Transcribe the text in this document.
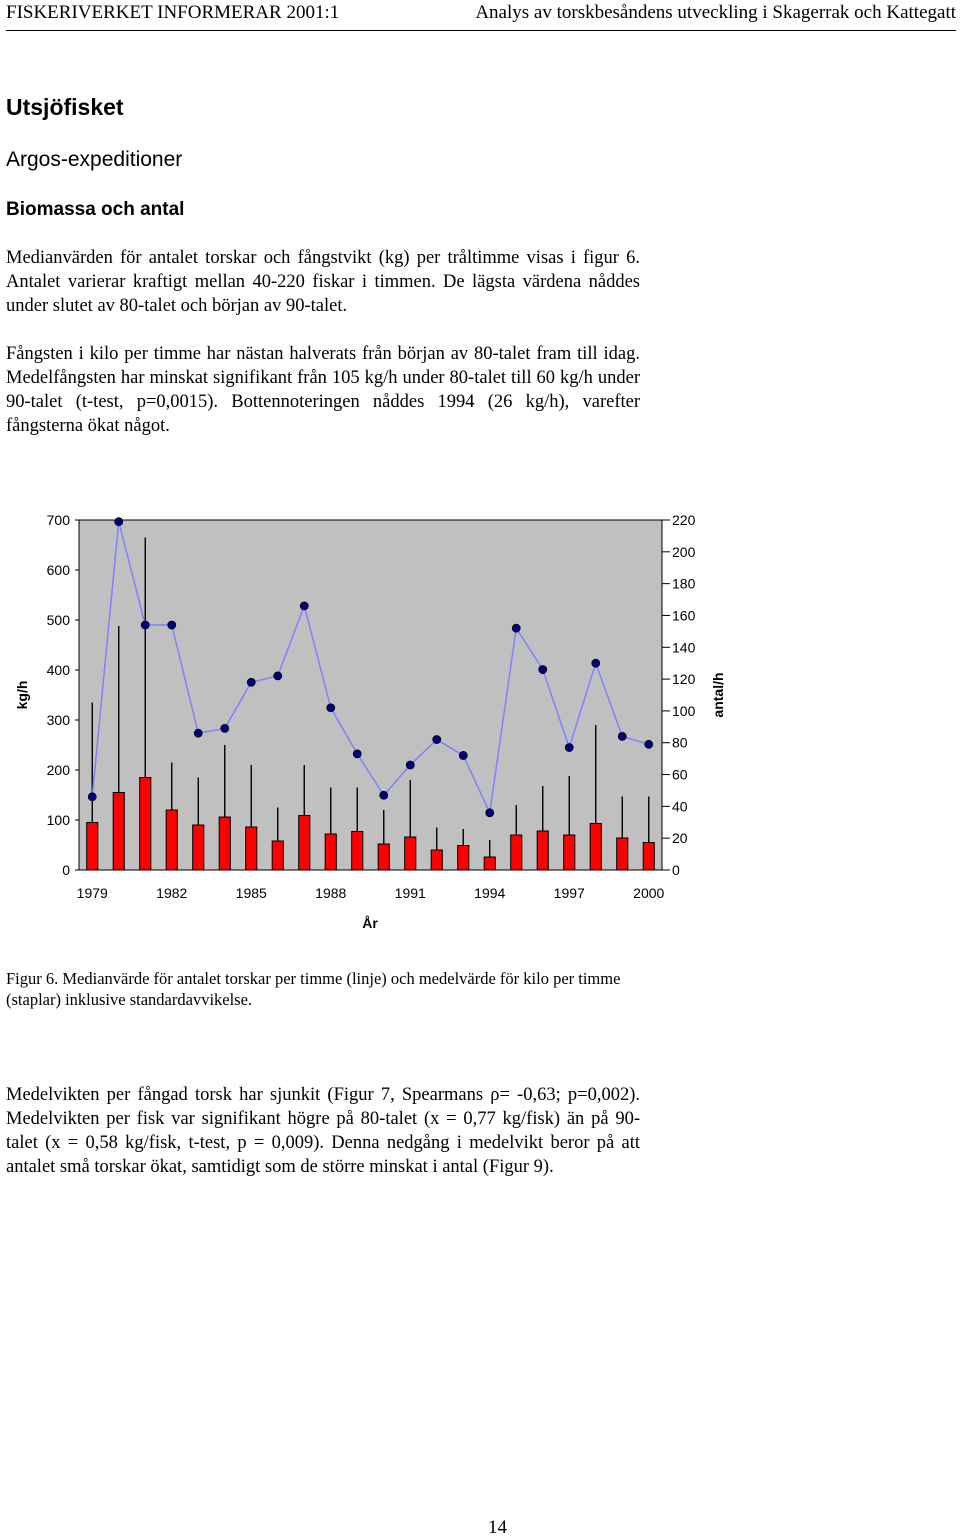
FISKERIVERKET INFORMERAR 2001:1	Analys av torskbesåndens utveckling i Skagerrak och Kattegatt
Utsjöfisket
Argos-expeditioner
Biomassa och antal

Medianvärden för antalet torskar och fångstvikt (kg) per tråltimme visas i figur 6. Antalet varierar kraftigt mellan 40-220 fiskar i timmen. De lägsta värdena nåddes under slutet av 80-talet och början av 90-talet.

Fångsten i kilo per timme har nästan halverats från början av 80-talet fram till idag. Medelfångsten har minskat signifikant från 105 kg/h under 80-talet till 60 kg/h under 90-talet (t-test, p=0,0015). Bottennoteringen nåddes 1994 (26 kg/h), varefter fångsterna ökat något.

0
100
200
300
400
500
600
700
0
20
40
60
80
100
120
140
160
180
200
220
1979	1982	1985	1988	1991	1994	1997	2000
kg/h	antal/h
År

Figur 6. Medianvärde för antalet torskar per timme (linje) och medelvärde för kilo per timme (staplar) inklusive standardavvikelse.

Medelvikten per fångad torsk har sjunkit (Figur 7, Spearmans ρ= -0,63; p=0,002). Medelvikten per fisk var signifikant högre på 80-talet (x = 0,77 kg/fisk) än på 90-talet (x = 0,58 kg/fisk, t-test, p = 0,009). Denna nedgång i medelvikt beror på att antalet små torskar ökat, samtidigt som de större minskat i antal (Figur 9).

14
